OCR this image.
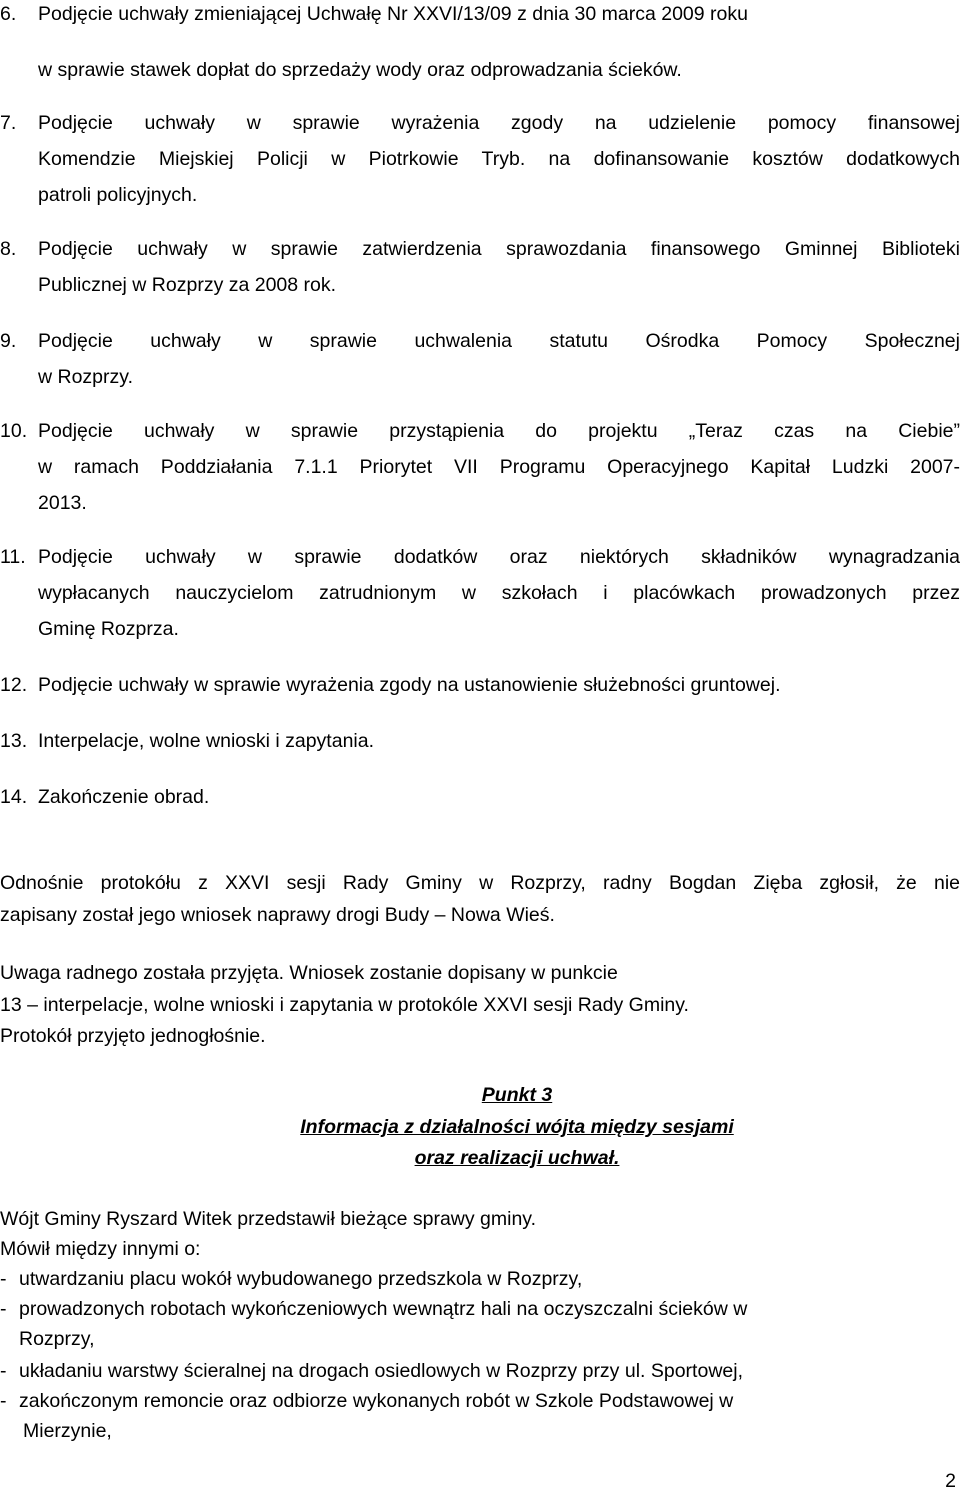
6. Podjęcie uchwały zmieniającej Uchwałę Nr XXVI/13/09 z dnia 30 marca 2009 roku
w sprawie stawek dopłat do sprzedaży wody oraz odprowadzania ścieków.
7. Podjęcie uchwały w sprawie wyrażenia zgody na udzielenie pomocy finansowej
Komendzie Miejskiej Policji w Piotrkowie Tryb. na dofinansowanie kosztów dodatkowych
patroli policyjnych.
8. Podjęcie uchwały w sprawie zatwierdzenia sprawozdania finansowego Gminnej Biblioteki
Publicznej w Rozprzy za 2008 rok.
9. Podjęcie uchwały w sprawie uchwalenia statutu Ośrodka Pomocy Społecznej
w Rozprzy.
10. Podjęcie uchwały w sprawie przystąpienia do projektu „Teraz czas na Ciebie”
w ramach Poddziałania 7.1.1 Priorytet VII Programu Operacyjnego Kapitał Ludzki 2007-
2013.
11. Podjęcie uchwały w sprawie dodatków oraz niektórych składników wynagradzania
wypłacanych nauczycielom zatrudnionym w szkołach i placówkach prowadzonych przez
Gminę Rozprza.
12. Podjęcie uchwały w sprawie wyrażenia zgody na ustanowienie służebności gruntowej.
13. Interpelacje, wolne wnioski i zapytania.
14. Zakończenie obrad.
Odnośnie protokółu z XXVI sesji Rady Gminy w Rozprzy, radny Bogdan Zięba zgłosił, że nie
zapisany został jego wniosek naprawy drogi Budy – Nowa Wieś.
Uwaga radnego została przyjęta. Wniosek zostanie dopisany w punkcie
13 – interpelacje, wolne wnioski i zapytania w protokóle XXVI sesji Rady Gminy.
Protokół przyjęto jednogłośnie.
Punkt 3
Informacja z działalności wójta między sesjami
oraz realizacji uchwał.
Wójt Gminy Ryszard Witek przedstawił bieżące sprawy gminy.
Mówił między innymi o:
- utwardzaniu placu wokół wybudowanego przedszkola w Rozprzy,
- prowadzonych robotach wykończeniowych wewnątrz hali na oczyszczalni ścieków w
Rozprzy,
- układaniu warstwy ścieralnej na drogach osiedlowych w Rozprzy przy ul. Sportowej,
- zakończonym remoncie oraz odbiorze wykonanych robót w Szkole Podstawowej w
Mierzynie,
2
